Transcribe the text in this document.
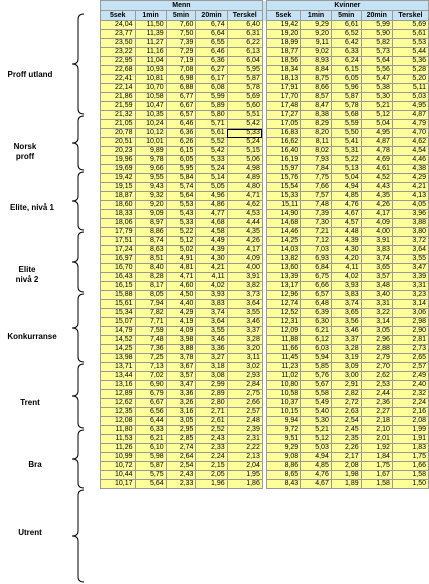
Proff utland
Norsk proff
Elite, nivå 1
Elite nivå 2
Konkurranse
Trent
Bra
Utrent
Menn						Kvinner				
5sek	1min	5min	20min	Terskel		5sek	1min	5min	20min	Terskel
24,04	11,50	7,60	6,74	6,40		19,42	9,29	6,61	5,99	5,69
23,77	11,39	7,50	6,64	6,31		19,20	9,20	6,52	5,90	5,61
23,50	11,27	7,39	6,55	6,22		18,99	9,11	6,42	5,82	5,53
23,22	11,16	7,29	6,46	6,13		18,77	9,02	6,33	5,73	5,44
22,95	11,04	7,19	6,36	6,04		18,56	8,93	6,24	5,64	5,36
22,68	10,93	7,08	6,27	5,95		18,34	8,84	6,15	5,56	5,28
22,41	10,81	6,98	6,17	5,87		18,13	8,75	6,05	5,47	5,20
22,14	10,70	6,88	6,08	5,78		17,91	8,66	5,96	5,38	5,11
21,86	10,58	6,77	5,99	5,69		17,70	8,57	5,87	5,30	5,03
21,59	10,47	6,67	5,89	5,60		17,48	8,47	5,78	5,21	4,95
21,32	10,35	6,57	5,80	5,51		17,27	8,38	5,68	5,12	4,87
21,05	10,24	6,46	5,71	5,42		17,05	8,29	5,59	5,04	4,79
20,78	10,12	6,36	5,61	5,33		16,83	8,20	5,50	4,95	4,70
20,51	10,01	6,26	5,52	5,24		16,62	8,11	5,41	4,87	4,62
20,23	9,89	6,15	5,42	5,15		16,40	8,02	5,31	4,78	4,54
19,96	9,78	6,05	5,33	5,06		16,19	7,93	5,22	4,69	4,46
19,69	9,66	5,95	5,24	4,98		15,97	7,84	5,13	4,61	4,38
19,42	9,55	5,84	5,14	4,89		15,76	7,75	5,04	4,52	4,29
19,15	9,43	5,74	5,05	4,80		15,54	7,66	4,94	4,43	4,21
18,87	9,32	5,64	4,96	4,71		15,33	7,57	4,85	4,35	4,13
18,60	9,20	5,53	4,86	4,62		15,11	7,48	4,76	4,26	4,05
18,33	9,09	5,43	4,77	4,53		14,90	7,39	4,67	4,17	3,96
18,06	8,97	5,33	4,68	4,44		14,68	7,30	4,57	4,09	3,88
17,79	8,86	5,22	4,58	4,35		14,46	7,21	4,48	4,00	3,80
17,51	8,74	5,12	4,49	4,26		14,25	7,12	4,39	3,91	3,72
17,24	8,63	5,02	4,39	4,17		14,03	7,03	4,30	3,83	3,64
16,97	8,51	4,91	4,30	4,09		13,82	6,93	4,20	3,74	3,55
16,70	8,40	4,81	4,21	4,00		13,60	6,84	4,11	3,65	3,47
16,43	8,28	4,71	4,11	3,91		13,39	6,75	4,02	3,57	3,39
16,15	8,17	4,60	4,02	3,82		13,17	6,66	3,93	3,48	3,31
15,88	8,05	4,50	3,93	3,73		12,96	6,57	3,83	3,40	3,23
15,61	7,94	4,40	3,83	3,64		12,74	6,48	3,74	3,31	3,14
15,34	7,82	4,29	3,74	3,55		12,52	6,39	3,65	3,22	3,06
15,07	7,71	4,19	3,64	3,46		12,31	6,30	3,56	3,14	2,98
14,79	7,59	4,09	3,55	3,37		12,09	6,21	3,46	3,05	2,90
14,52	7,48	3,98	3,46	3,28		11,88	6,12	3,37	2,96	2,81
14,25	7,36	3,88	3,36	3,20		11,66	6,03	3,28	2,88	2,73
13,98	7,25	3,78	3,27	3,11		11,45	5,94	3,19	2,79	2,65
13,71	7,13	3,67	3,18	3,02		11,23	5,85	3,09	2,70	2,57
13,44	7,02	3,57	3,08	2,93		11,02	5,76	3,00	2,62	2,49
13,16	6,90	3,47	2,99	2,84		10,80	5,67	2,91	2,53	2,40
12,89	6,79	3,36	2,89	2,75		10,58	5,58	2,82	2,44	2,32
12,62	6,67	3,26	2,80	2,66		10,37	5,49	2,72	2,36	2,24
12,35	6,56	3,16	2,71	2,57		10,15	5,40	2,63	2,27	2,16
12,08	6,44	3,05	2,61	2,48		9,94	5,30	2,54	2,18	2,08
11,80	6,33	2,95	2,52	2,39		9,72	5,21	2,45	2,10	1,99
11,53	6,21	2,85	2,43	2,31		9,51	5,12	2,35	2,01	1,91
11,26	6,10	2,74	2,33	2,22		9,29	5,03	2,26	1,92	1,83
10,99	5,98	2,64	2,24	2,13		9,08	4,94	2,17	1,84	1,75
10,72	5,87	2,54	2,15	2,04		8,86	4,85	2,08	1,75	1,66
10,44	5,75	2,43	2,05	1,95		8,65	4,76	1,98	1,67	1,58
10,17	5,64	2,33	1,96	1,86		8,43	4,67	1,89	1,58	1,50
